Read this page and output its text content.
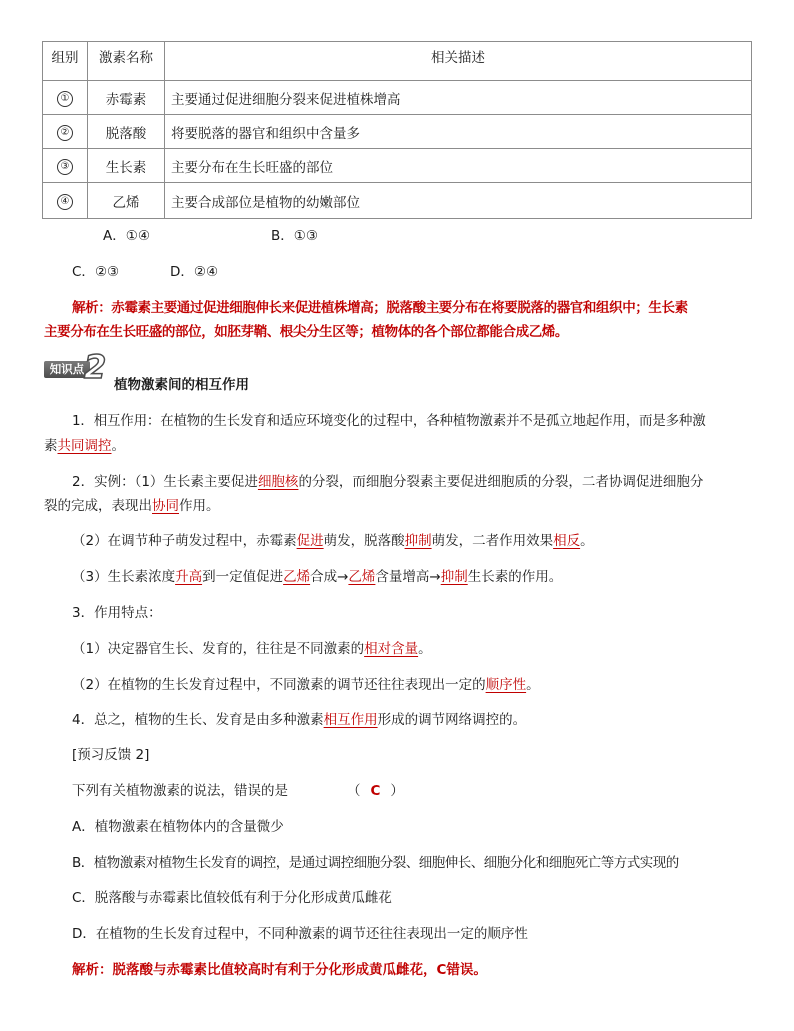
组别	激素名称	相关描述
①	赤霉素	主要通过促进细胞分裂来促进植株增高
②	脱落酸	将要脱落的器官和组织中含量多
③	生长素	主要分布在生长旺盛的部位
④	乙烯	主要合成部位是植物的幼嫩部位
A．①④	B．①③
C．②③	D．②④
解析：赤霉素主要通过促进细胞伸长来促进植株增高；脱落酸主要分布在将要脱落的器官和组织中；生长素
主要分布在生长旺盛的部位，如胚芽鞘、根尖分生区等；植物体的各个部位都能合成乙烯。
知识点 2 植物激素间的相互作用
1．相互作用：在植物的生长发育和适应环境变化的过程中，各种植物激素并不是孤立地起作用，而是多种激
素共同调控。
2．实例：（1）生长素主要促进细胞核的分裂，而细胞分裂素主要促进细胞质的分裂，二者协调促进细胞分
裂的完成，表现出协同作用。
（2）在调节种子萌发过程中，赤霉素促进萌发，脱落酸抑制萌发，二者作用效果相反。
（3）生长素浓度升高到一定值促进乙烯合成→乙烯含量增高→抑制生长素的作用。
3．作用特点：
（1）决定器官生长、发育的，往往是不同激素的相对含量。
（2）在植物的生长发育过程中，不同激素的调节还往往表现出一定的顺序性。
4．总之，植物的生长、发育是由多种激素相互作用形成的调节网络调控的。
[预习反馈 2]
下列有关植物激素的说法，错误的是	（ C ）
A．植物激素在植物体内的含量微少
B．植物激素对植物生长发育的调控，是通过调控细胞分裂、细胞伸长、细胞分化和细胞死亡等方式实现的
C．脱落酸与赤霉素比值较低有利于分化形成黄瓜雌花
D．在植物的生长发育过程中，不同种激素的调节还往往表现出一定的顺序性
解析：脱落酸与赤霉素比值较高时有利于分化形成黄瓜雌花，C错误。
